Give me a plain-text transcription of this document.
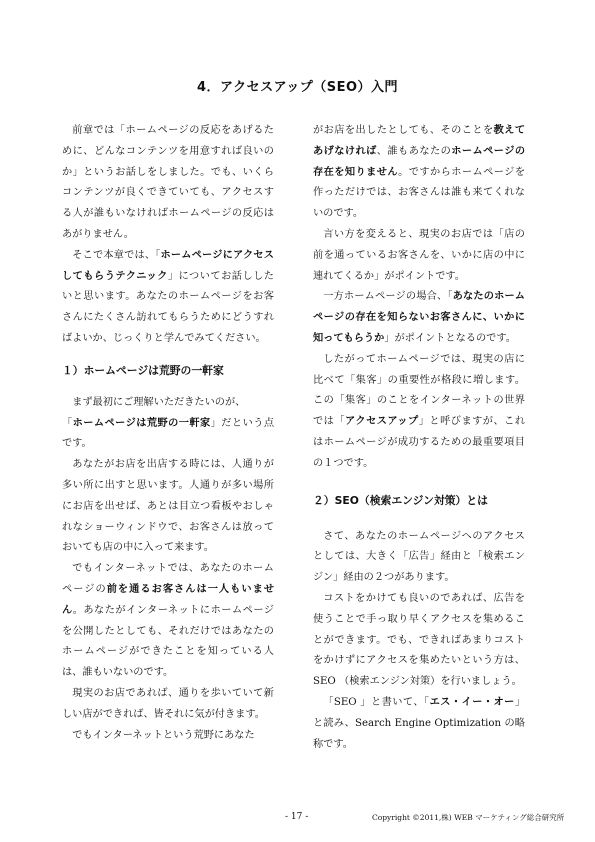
4．アクセスアップ（SEO）入門

前章では「ホームページの反応をあげるために、どんなコンテンツを用意すれば良いのか」というお話しをしました。でも、いくらコンテンツが良くできていても、アクセスする人が誰もいなければホームページの反応はあがりません。

そこで本章では、「ホームページにアクセスしてもらうテクニック」についてお話ししたいと思います。あなたのホームページをお客さんにたくさん訪れてもらうためにどうすればよいか、じっくりと学んでみてください。

１）ホームページは荒野の一軒家

まず最初にご理解いただきたいのが、

「ホームページは荒野の一軒家」だという点です。

あなたがお店を出店する時には、人通りが多い所に出すと思います。人通りが多い場所にお店を出せば、あとは目立つ看板やおしゃれなショーウィンドウで、お客さんは放っておいても店の中に入って来ます。

でもインターネットでは、あなたのホームページの前を通るお客さんは一人もいません。あなたがインターネットにホームページを公開したとしても、それだけではあなたのホームページができたことを知っている人は、誰もいないのです。

現実のお店であれば、通りを歩いていて新しい店ができれば、皆それに気が付きます。

でもインターネットという荒野にあなた

がお店を出したとしても、そのことを教えてあげなければ、誰もあなたのホームページの存在を知りません。ですからホームページを作っただけでは、お客さんは誰も来てくれないのです。

言い方を変えると、現実のお店では「店の前を通っているお客さんを、いかに店の中に連れてくるか」がポイントです。

一方ホームページの場合、「あなたのホームページの存在を知らないお客さんに、いかに知ってもらうか」がポイントとなるのです。

したがってホームページでは、現実の店に比べて「集客」の重要性が格段に増します。この「集客」のことをインターネットの世界では「アクセスアップ」と呼びますが、これはホームページが成功するための最重要項目の１つです。

２）SEO（検索エンジン対策）とは

さて、あなたのホームページへのアクセスとしては、大きく「広告」経由と「検索エンジン」経由の２つがあります。

コストをかけても良いのであれば、広告を使うことで手っ取り早くアクセスを集めることができます。でも、できればあまりコストをかけずにアクセスを集めたいという方は、SEO （検索エンジン対策）を行いましょう。

「SEO 」と書いて、「エス・イー・オー」と読み、Search Engine Optimization の略称です。

- 17 -	Copyright ©2011,株) WEB マーケティング総合研究所
